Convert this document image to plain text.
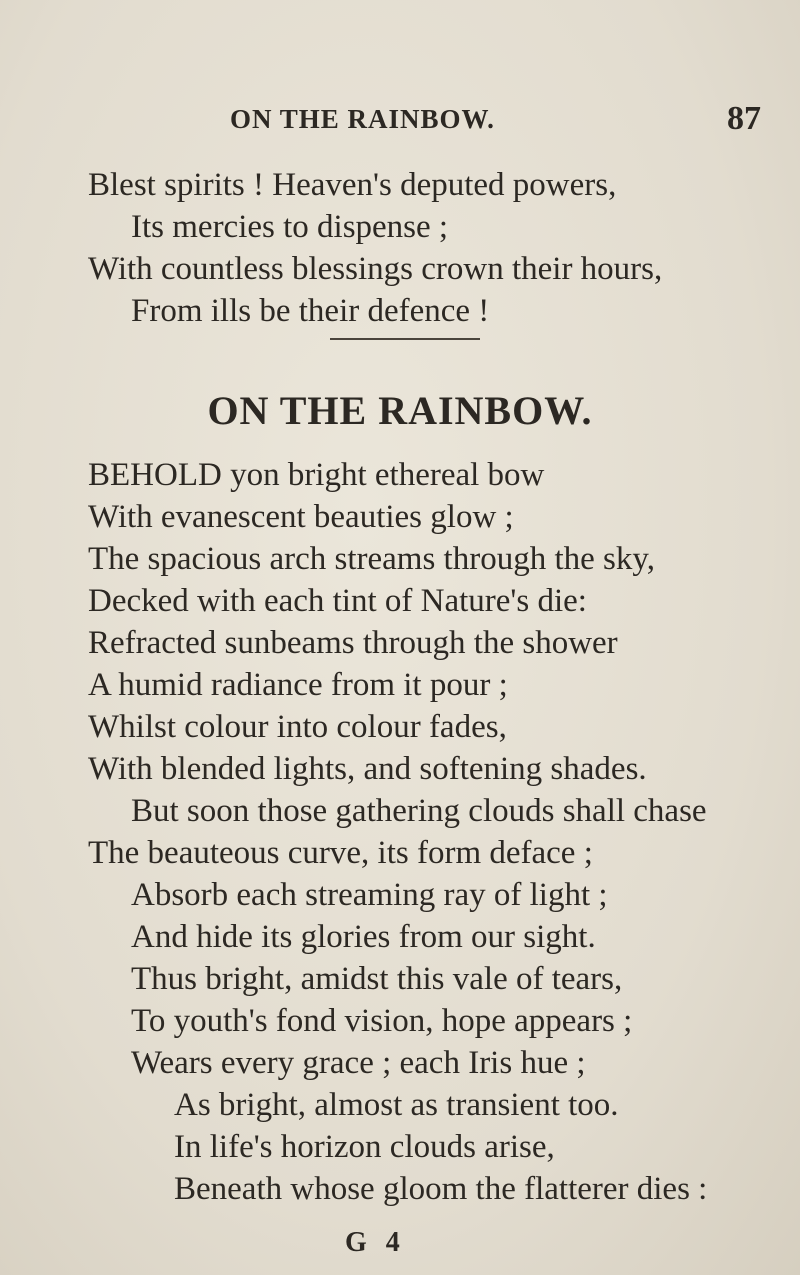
ON THE RAINBOW.	87
Blest spirits ! Heaven's deputed powers,
Its mercies to dispense ;
With countless blessings crown their hours,
From ills be their defence !
ON THE RAINBOW.
BEHOLD yon bright ethereal bow
With evanescent beauties glow ;
The spacious arch streams through the sky,
Decked with each tint of Nature's die:
Refracted sunbeams through the shower
A humid radiance from it pour ;
Whilst colour into colour fades,
With blended lights, and softening shades.
But soon those gathering clouds shall chase
The beauteous curve, its form deface ;
Absorb each streaming ray of light ;
And hide its glories from our sight.
Thus bright, amidst this vale of tears,
To youth's fond vision, hope appears ;
Wears every grace ; each Iris hue ;
As bright, almost as transient too.
In life's horizon clouds arise,
Beneath whose gloom the flatterer dies :
G 4
